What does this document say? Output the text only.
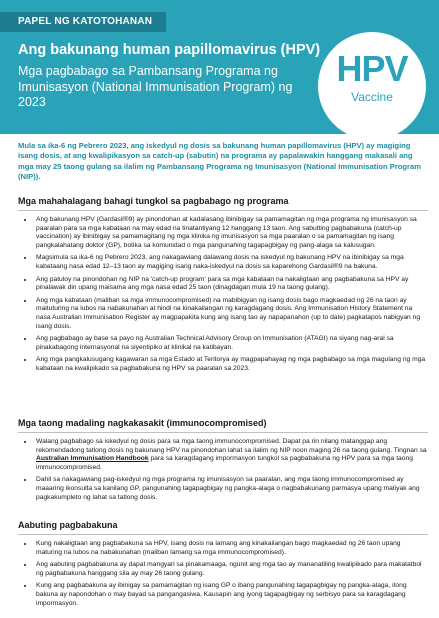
PAPEL NG KATOTOHANAN
Ang bakunang human papillomavirus (HPV)
Mga pagbabago sa Pambansang Programa ng Imunisasyon (National Immunisation Program) ng 2023
HPV
Vaccine
Mula sa ika-6 ng Pebrero 2023, ang iskedyul ng dosis sa bakunang human papillomavirus (HPV) ay magiging isang dosis, at ang kwalipikasyon sa catch-up (sabutin) na programa ay papalawakin hanggang makasali ang mga may 25 taong gulang sa ilalim ng Pambansang Programa ng Imunisasyon (National Immunisation Program (NIP)).
Mga mahahalagang bahagi tungkol sa pagbabago ng programa
• Ang bakunang HPV (Gardasil®9) ay pinondohan at kadalasang ibinibigay sa pamamagitan ng mga programa ng imunisasyon sa paaralan para sa mga kabataan na may edad na tinatantiyang 12 hanggang 13 taon. Ang sabutting pagbabakuna (catch-up vaccination) ay ibinibigay sa pamamagitang ng mga klinika ng imunisasyon sa mga paaralan o sa pamamagitan ng isang pangkalahatang doktor (GP), botika sa komunidad o mga pangunahing tagapagbigay ng pang-alaga sa kalusugan.
• Magsimula sa ika-6 ng Pebrero 2023, ang nakagawiang dalawang dosis na iskedyul ng bakunang HPV na ibinibigay sa mga kabataang nasa edad 12–13 taon ay magiging isang naka-iskedyul na dosis sa kaparehong Gardasil®9 na bakuna.
• Ang patuloy na pinondohan ng NIP na 'catch-up program' para sa mga kabataan na nakaligtaan ang pagbabakuna sa HPV ay pinalawak din upang maisama ang mga nasa edad 25 taon (dinagdagan mula 19 na taong gulang).
• Ang mga kabataan (maliban sa mga immunocompromised) na mabibigyan ng isang dosis bago magkaedad ng 26 na taon ay maituturing na lubos na nabakunahan at hindi na kinakailangan ng karagdagang dosis. Ang Immunisation History Statement na nasa Australian Immunisation Register ay magpapakita kung ang isang tao ay napapanahon (up to date) pagkatapos nabigyan ng isang dosis.
• Ang pagbabago ay base sa payo ng Australian Technical Advisory Group on Immunisation (ATAGI) na siyang nag-aral sa pinakabagong internasyonal na siyentipiko at klinikal na katibayan.
• Ang mga pangkalusugang kagawaran sa mga Estado at Teritorya ay magpapahayag ng mga pagbabago sa mga magulang ng mga kabataan na kwalipikado sa pagbabakuna ng HPV sa paaralan sa 2023.
Mga taong madaling nagkakasakit (immunocompromised)
• Walang pagbabago sa iskedyul ng dosis para sa mga taong immunocompromised. Dapat pa rin nilang matanggap ang rekomendadong tatlong dosis ng bakunang HPV na pinondohan lahat sa ilalim ng NIP noon maging 26 na taong gulang. Tingnan sa Australian Immunisation Handbook para sa karagdagang impormasyon tungkol sa pagbabakuna ng HPV para sa mga taong immunocompromised.
• Dahil sa nakagawiang pag-iskedyul ng mga programa ng imunisasyon sa paaralan, ang mga taong immunocompromised ay maaaring ikonsulta sa kanilang GP, pangunahing tagapagbigay ng pangka-alaga o nagbabakunang parmasya upang matiyak ang pagkakumpleto ng lahat sa tatlong dosis.
Aabuting pagbabakuna
• Kung nakaligtaan ang pagbabakuna sa HPV, isang dosis na lamang ang kinakailangan bago magkaedad ng 26 taon upang maturing na lubos na nabakunahan (maliban lamang sa mga immunocompromised).
• Ang aabuting pagbabakuna ay dapat mangyari sa pinakamaaga, ngunit ang mga tao ay mananatiling kwalipikado para makatatbol ng pagbabakuna hanggang sila ay may 26 taong gulang.
• Kung ang pagbabakuna ay ibinigay sa pamamagitan ng isang GP o ibang pangunahing tagapagbigay ng pangka-alaga, itong bakuna ay napondohan o may bayad sa pangangasiwa. Kausapin ang iyong tagapagbigay ng serbisyo para sa karagdagang impormasyon.
